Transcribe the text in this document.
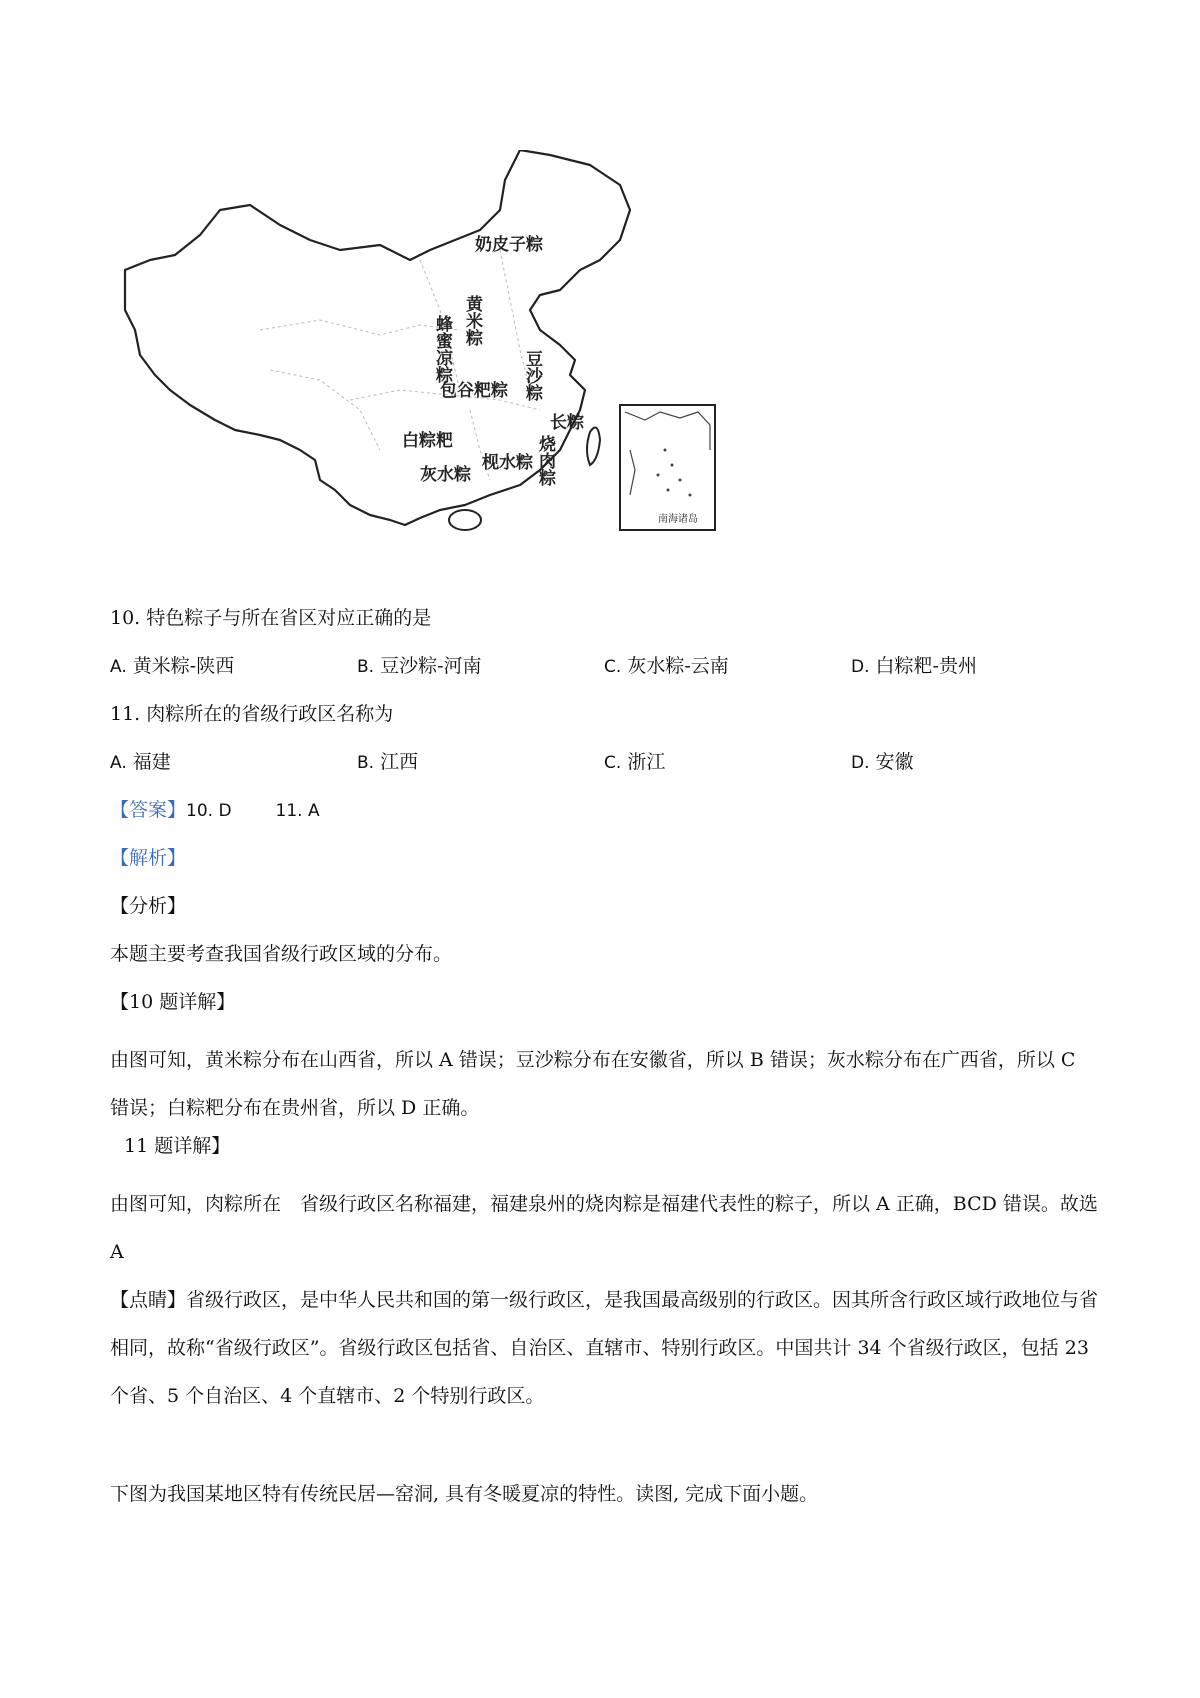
南海诸岛
奶皮子粽
黄米粽
蜂蜜凉粽	豆沙粽
包谷粑粽
长粽
烧肉粽
白粽粑
灰水粽
枧水粽
10. 特色粽子与所在省区对应正确的是
A. 黄米粽-陕西	B. 豆沙粽-河南	C. 灰水粽-云南	D. 白粽粑-贵州
11. 肉粽所在的省级行政区名称为
A. 福建	B. 江西	C. 浙江	D. 安徽
【答案】10. D	11. A
【解析】
【分析】
本题主要考查我国省级行政区域的分布。
【10 题详解】
由图可知，黄米粽分布在山西省，所以 A 错误；豆沙粽分布在安徽省，所以 B 错误；灰水粽分布在广西省，所以 C 错误；白粽粑分布在贵州省，所以 D 正确。
11 题详解】
由图可知，肉粽所在　省级行政区名称福建，福建泉州的烧肉粽是福建代表性的粽子，所以 A 正确，BCD 错误。故选 A
【点睛】省级行政区，是中华人民共和国的第一级行政区，是我国最高级别的行政区。因其所含行政区域行政地位与省相同，故称“省级行政区”。省级行政区包括省、自治区、直辖市、特别行政区。中国共计 34 个省级行政区，包括 23 个省、5 个自治区、4 个直辖市、2 个特别行政区。
下图为我国某地区特有传统民居—窑洞, 具有冬暖夏凉的特性。读图, 完成下面小题。
